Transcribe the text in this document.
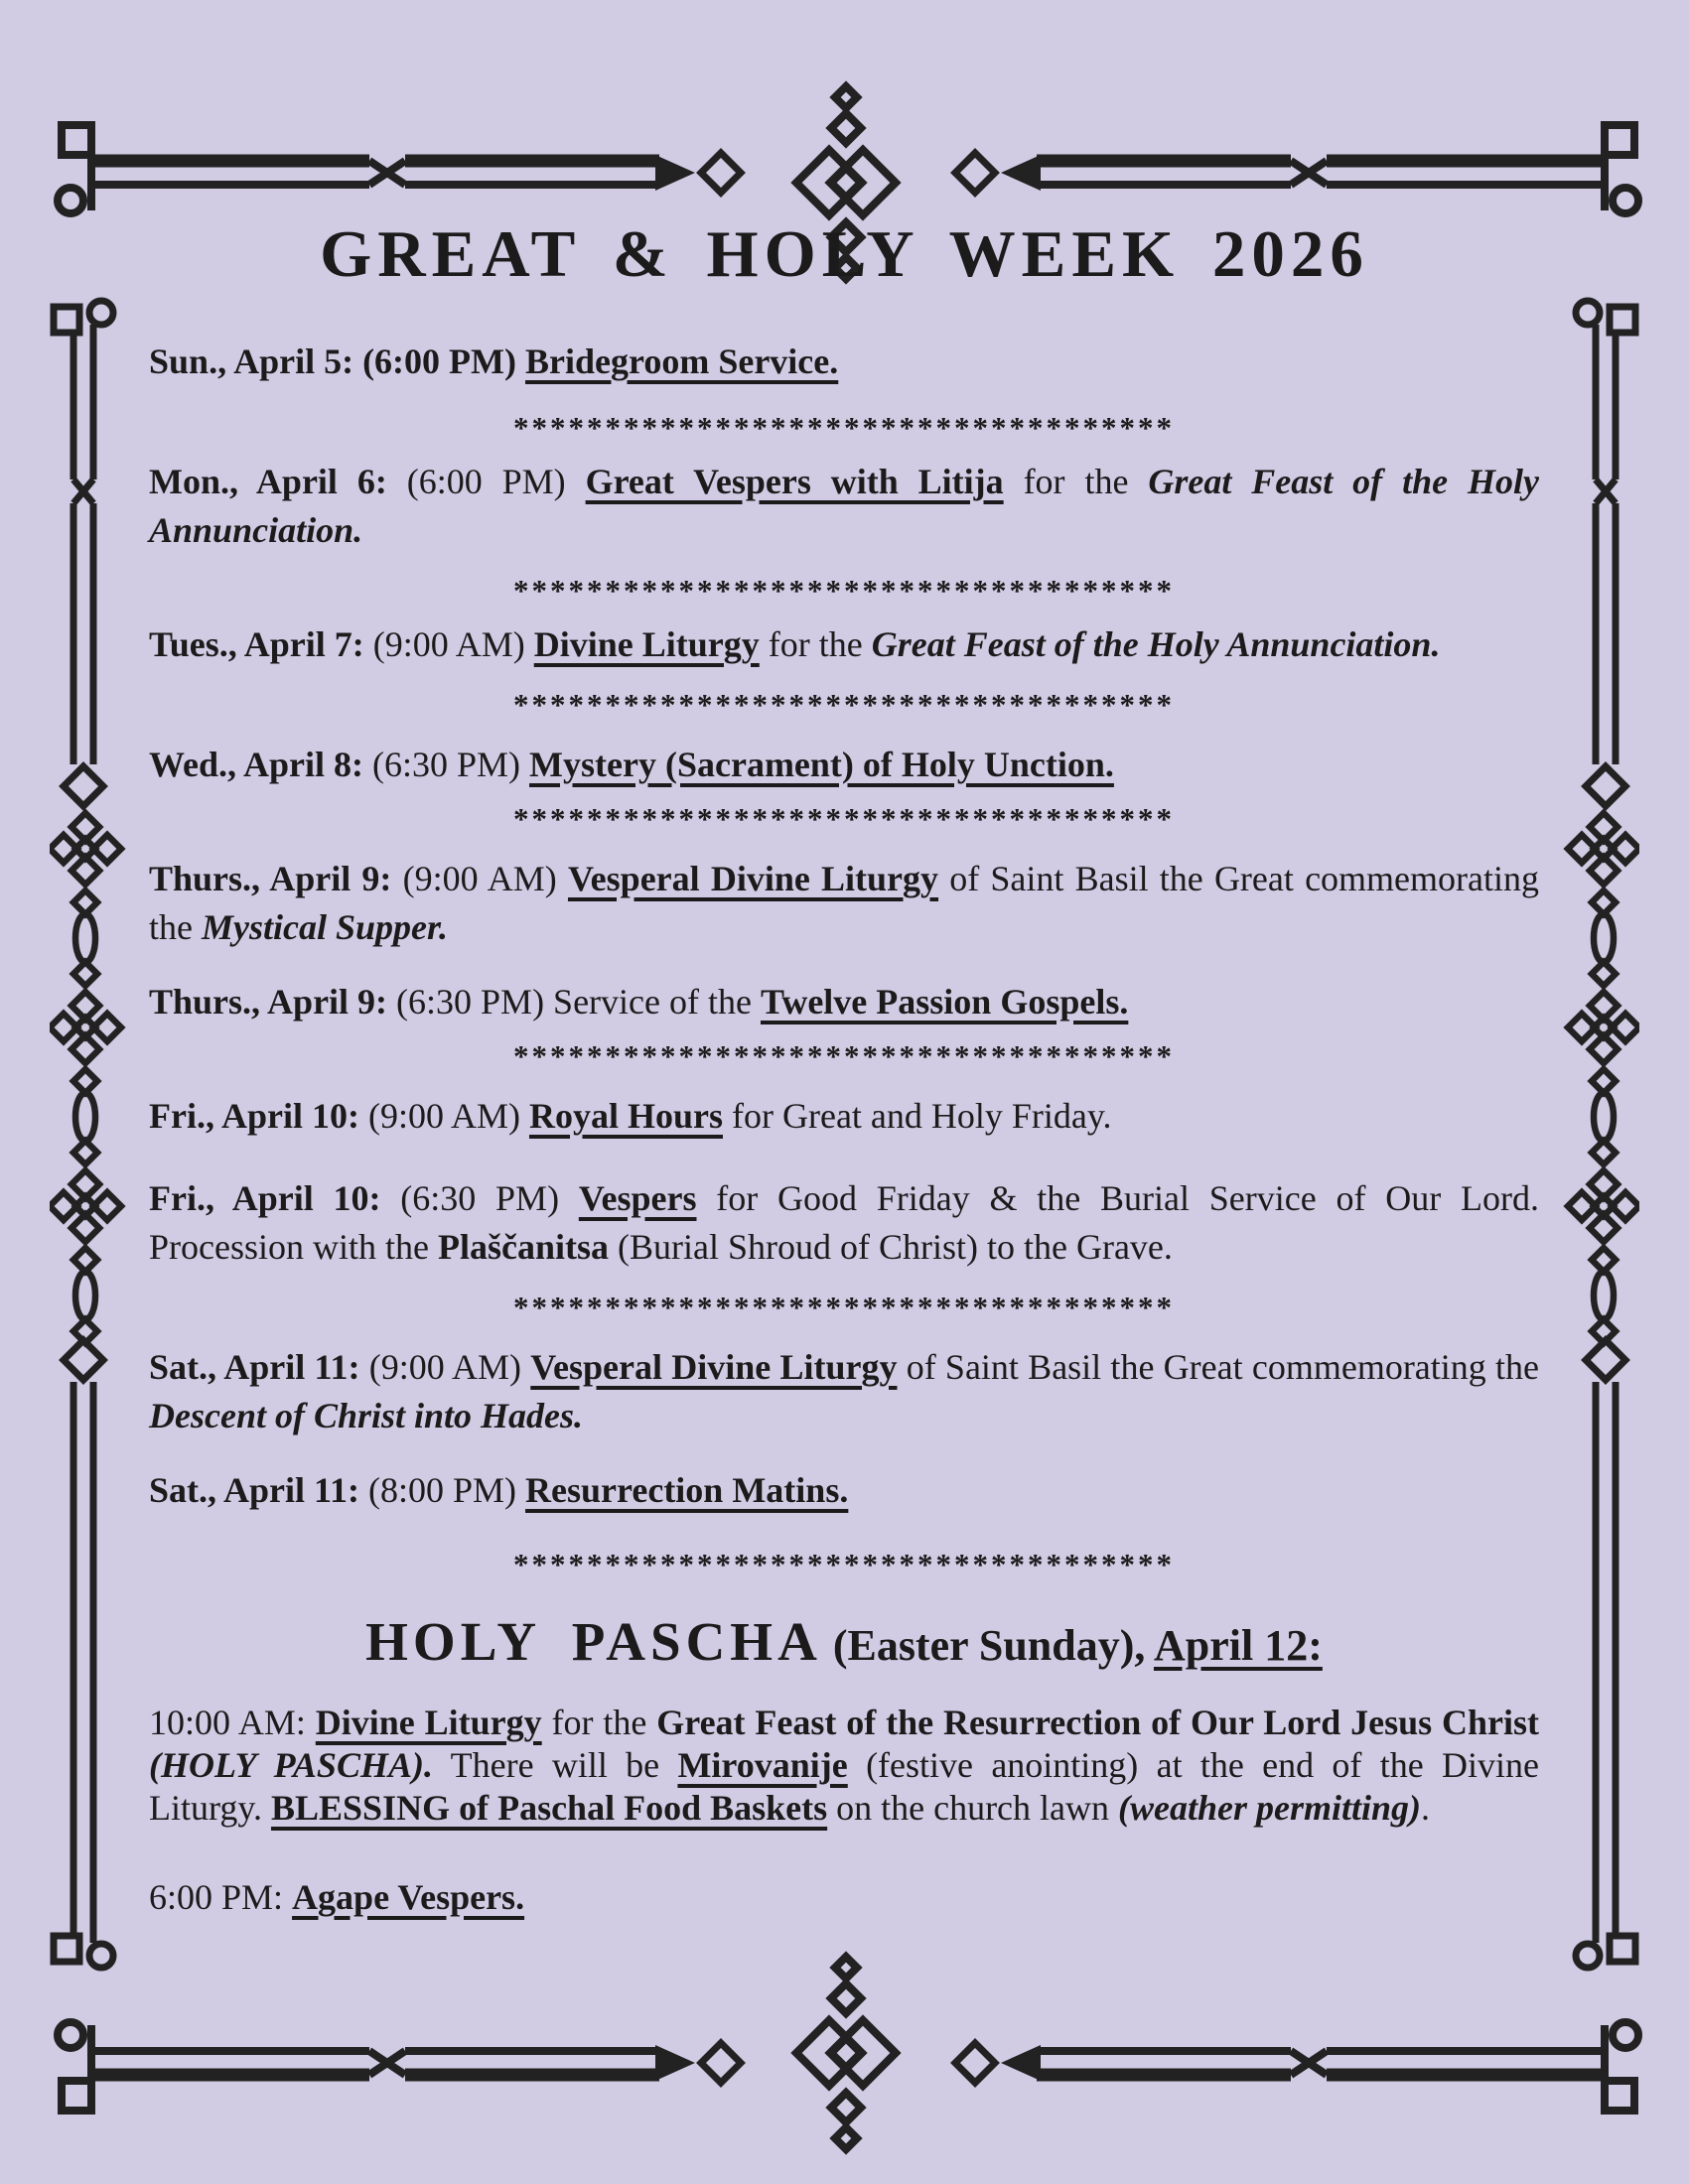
GREAT & HOLY WEEK 2026

Sun., April 5: (6:00 PM) Bridegroom Service.

************************************

Mon., April 6: (6:00 PM) Great Vespers with Litija for the Great Feast of the Holy Annunciation.

************************************

Tues., April 7: (9:00 AM) Divine Liturgy for the Great Feast of the Holy Annunciation.

************************************

Wed., April 8: (6:30 PM) Mystery (Sacrament) of Holy Unction.

************************************

Thurs., April 9: (9:00 AM) Vesperal Divine Liturgy of Saint Basil the Great commemorating the Mystical Supper.

Thurs., April 9: (6:30 PM) Service of the Twelve Passion Gospels.

************************************

Fri., April 10: (9:00 AM) Royal Hours for Great and Holy Friday.

Fri., April 10: (6:30 PM) Vespers for Good Friday & the Burial Service of Our Lord. Procession with the Plaščanitsa (Burial Shroud of Christ) to the Grave.

************************************

Sat., April 11: (9:00 AM) Vesperal Divine Liturgy of Saint Basil the Great commemorating the Descent of Christ into Hades.

Sat., April 11: (8:00 PM) Resurrection Matins.

************************************

HOLY PASCHA (Easter Sunday), April 12:

10:00 AM: Divine Liturgy for the Great Feast of the Resurrection of Our Lord Jesus Christ (HOLY PASCHA). There will be Mirovanije (festive anointing) at the end of the Divine Liturgy. BLESSING of Paschal Food Baskets on the church lawn (weather permitting).

6:00 PM: Agape Vespers.
